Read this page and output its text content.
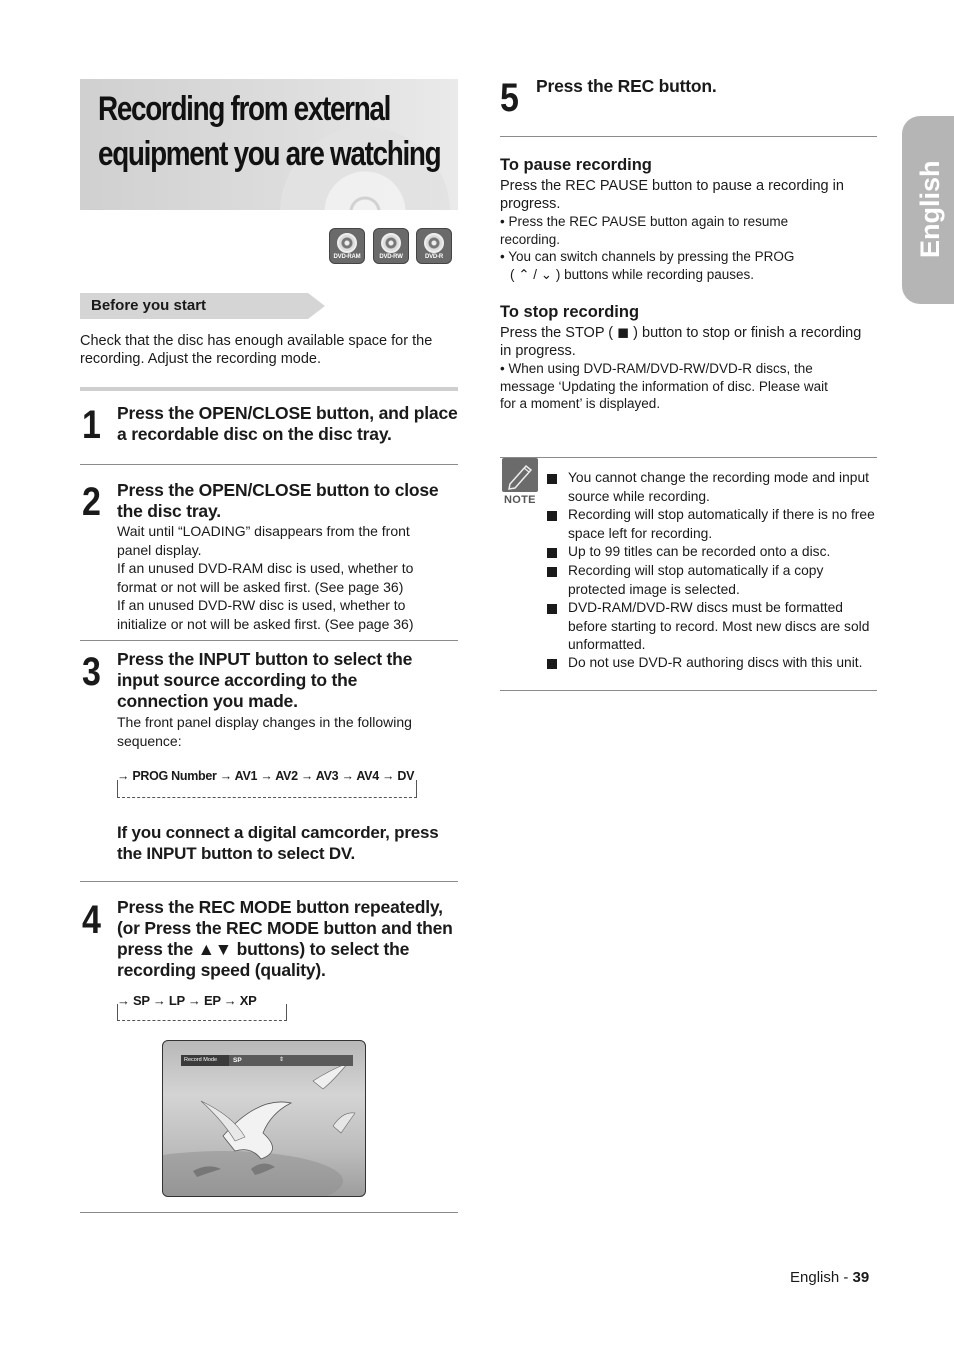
Recording from external
equipment you are watching
DVD-RAM	DVD-RW	DVD-R
Before you start
Check that the disc has enough available space for the recording. Adjust the recording mode.
1 Press the OPEN/CLOSE button, and place a recordable disc on the disc tray.
2 Press the OPEN/CLOSE button to close the disc tray.
Wait until “LOADING” disappears from the front panel display.
If an unused DVD-RAM disc is used, whether to format or not will be asked first. (See page 36)
If an unused DVD-RW disc is used, whether to initialize or not will be asked first. (See page 36)
3 Press the INPUT button to select the input source according to the connection you made.
The front panel display changes in the following sequence:
→ PROG Number → AV1 → AV2 → AV3 → AV4 → DV
If you connect a digital camcorder, press the INPUT button to select DV.
4 Press the REC MODE button repeatedly, (or Press the REC MODE button and then press the ▲▼ buttons) to select the recording speed (quality).
→ SP → LP → EP → XP
Record Mode	SP	⇕
5 Press the REC button.
To pause recording
Press the REC PAUSE button to pause a recording in progress.
• Press the REC PAUSE button again to resume recording.
• You can switch channels by pressing the PROG
( ⌃ / ⌄ ) buttons while recording pauses.
To stop recording
Press the STOP ( ◼ ) button to stop or finish a recording in progress.
• When using DVD-RAM/DVD-RW/DVD-R discs, the message ‘Updating the information of disc. Please wait for a moment’ is displayed.
NOTE
You cannot change the recording mode and input source while recording.
Recording will stop automatically if there is no free space left for recording.
Up to 99 titles can be recorded onto a disc.
Recording will stop automatically if a copy protected image is selected.
DVD-RAM/DVD-RW discs must be formatted before starting to record. Most new discs are sold unformatted.
Do not use DVD-R authoring discs with this unit.
English
English - 39
